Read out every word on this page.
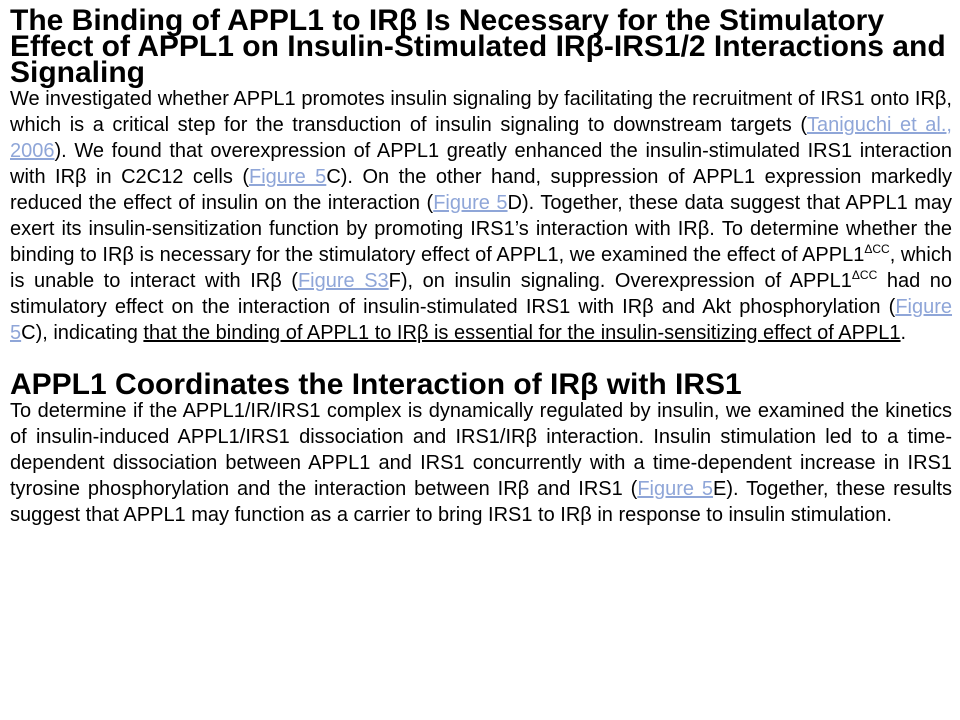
The Binding of APPL1 to IRβ Is Necessary for the Stimulatory Effect of APPL1 on Insulin-Stimulated IRβ-IRS1/2 Interactions and Signaling

We investigated whether APPL1 promotes insulin signaling by facilitating the recruitment of IRS1 onto IRβ, which is a critical step for the transduction of insulin signaling to downstream targets (Taniguchi et al., 2006). We found that overexpression of APPL1 greatly enhanced the insulin-stimulated IRS1 interaction with IRβ in C2C12 cells (Figure 5C). On the other hand, suppression of APPL1 expression markedly reduced the effect of insulin on the interaction (Figure 5D). Together, these data suggest that APPL1 may exert its insulin-sensitization function by promoting IRS1’s interaction with IRβ. To determine whether the binding to IRβ is necessary for the stimulatory effect of APPL1, we examined the effect of $APPL1^{\Delta CC}$, which is unable to interact with IRβ (Figure S3F), on insulin signaling. Overexpression of $APPL1^{\Delta CC}$ had no stimulatory effect on the interaction of insulin-stimulated IRS1 with IRβ and Akt phosphorylation (Figure 5C), indicating that the binding of APPL1 to IRβ is essential for the insulin-sensitizing effect of APPL1.

APPL1 Coordinates the Interaction of IRβ with IRS1

To determine if the APPL1/IR/IRS1 complex is dynamically regulated by insulin, we examined the kinetics of insulin-induced APPL1/IRS1 dissociation and IRS1/IRβ interaction. Insulin stimulation led to a time-dependent dissociation between APPL1 and IRS1 concurrently with a time-dependent increase in IRS1 tyrosine phosphorylation and the interaction between IRβ and IRS1 (Figure 5E). Together, these results suggest that APPL1 may function as a carrier to bring IRS1 to IRβ in response to insulin stimulation.
